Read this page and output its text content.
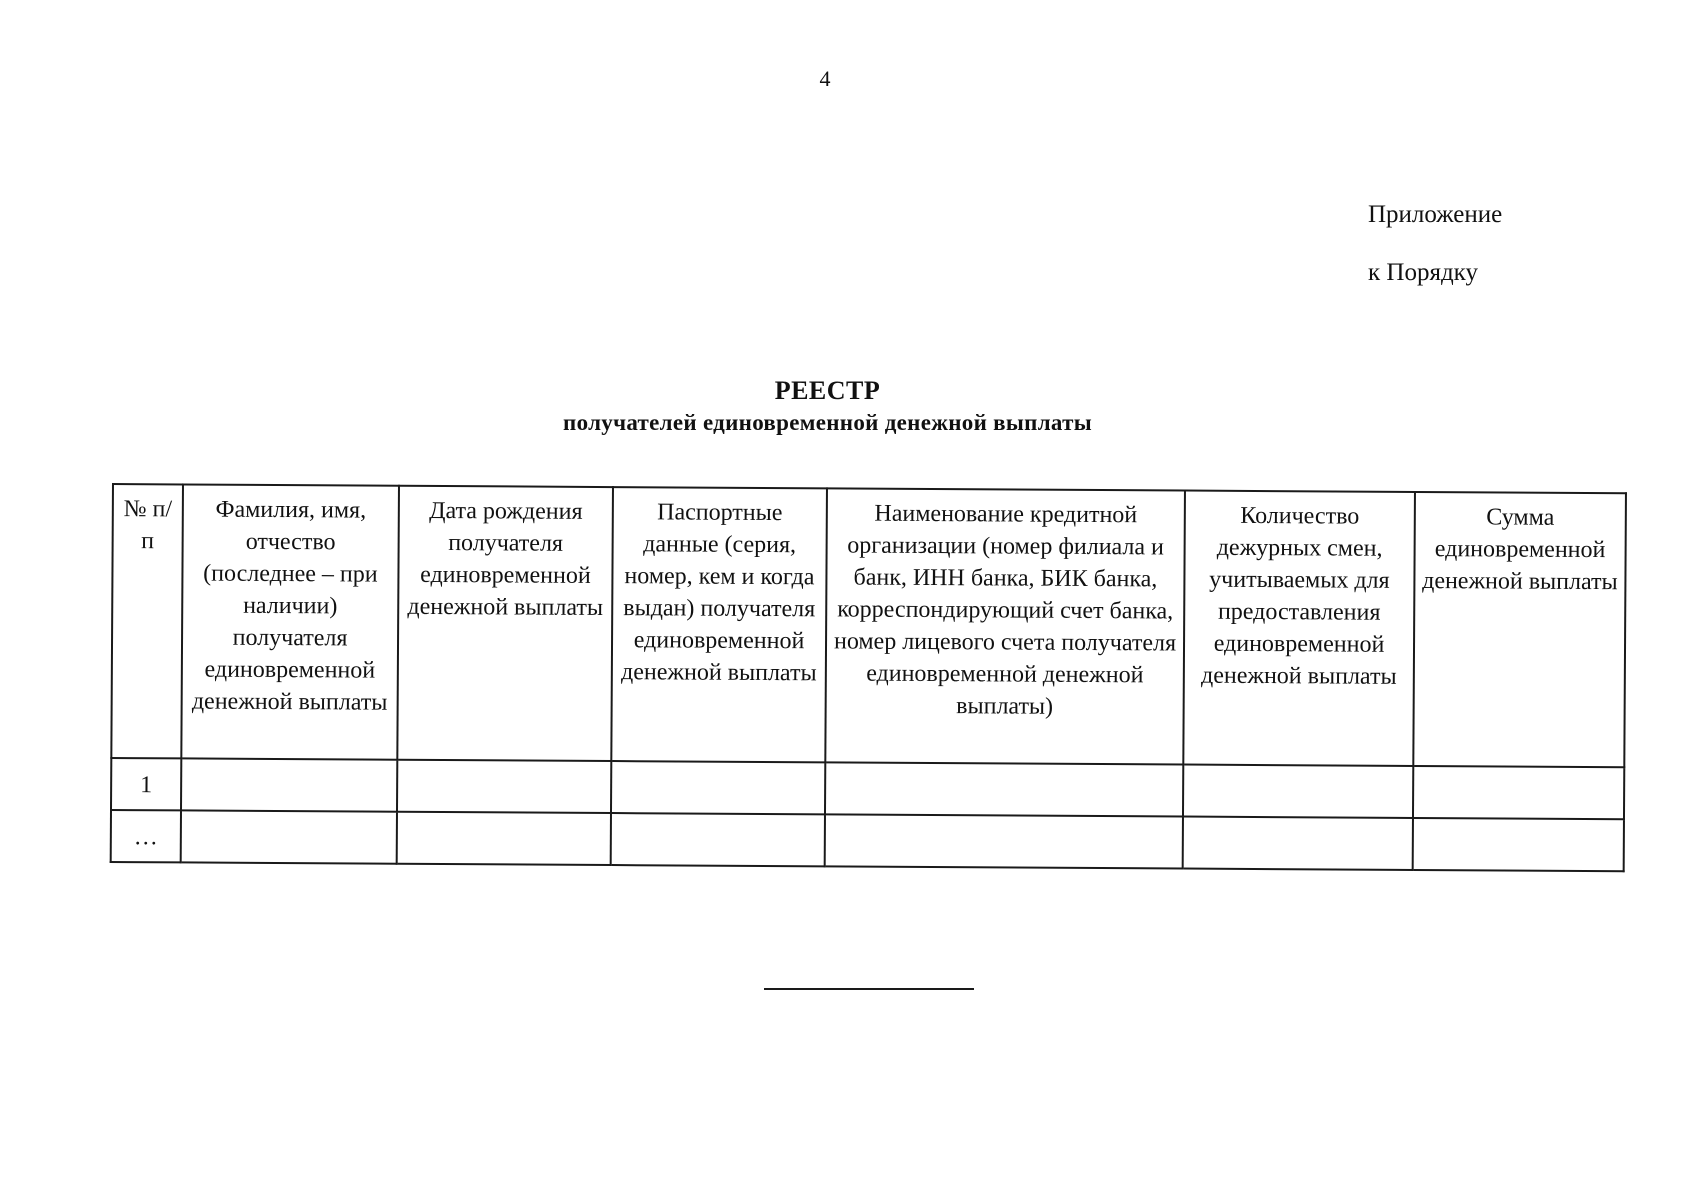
4
Приложение
к Порядку
РЕЕСТР
получателей единовременной денежной выплаты
№ п/п	Фамилия, имя, отчество (последнее – при наличии) получателя единовременной денежной выплаты	Дата рождения получателя единовременной денежной выплаты	Паспортные данные (серия, номер, кем и когда выдан) получателя единовременной денежной выплаты	Наименование кредитной организации (номер филиала и банк, ИНН банка, БИК банка, корреспондирующий счет банка, номер лицевого счета получателя единовременной денежной выплаты)	Количество дежурных смен, учитываемых для предоставления единовременной денежной выплаты	Сумма единовременной денежной выплаты
1						
…						
